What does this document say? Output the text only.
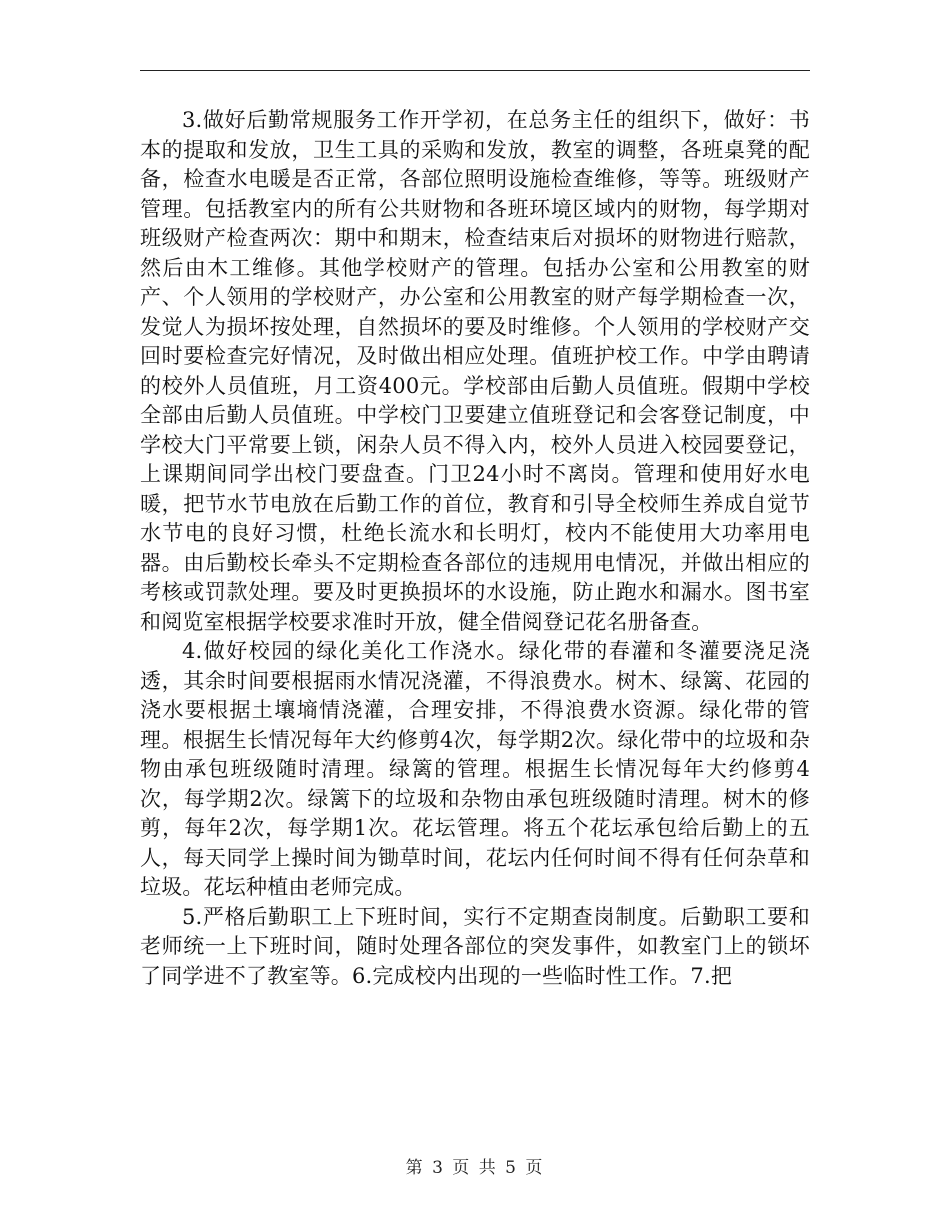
3.做好后勤常规服务工作开学初，在总务主任的组织下，做好：书本的提取和发放，卫生工具的采购和发放，教室的调整，各班桌凳的配备，检查水电暖是否正常，各部位照明设施检查维修，等等。班级财产管理。包括教室内的所有公共财物和各班环境区域内的财物，每学期对班级财产检查两次：期中和期末，检查结束后对损坏的财物进行赔款，然后由木工维修。其他学校财产的管理。包括办公室和公用教室的财产、个人领用的学校财产，办公室和公用教室的财产每学期检查一次，发觉人为损坏按处理，自然损坏的要及时维修。个人领用的学校财产交回时要检查完好情况，及时做出相应处理。值班护校工作。中学由聘请的校外人员值班，月工资400元。学校部由后勤人员值班。假期中学校全部由后勤人员值班。中学校门卫要建立值班登记和会客登记制度，中学校大门平常要上锁，闲杂人员不得入内，校外人员进入校园要登记，上课期间同学出校门要盘查。门卫24小时不离岗。管理和使用好水电暖，把节水节电放在后勤工作的首位，教育和引导全校师生养成自觉节水节电的良好习惯，杜绝长流水和长明灯，校内不能使用大功率用电器。由后勤校长牵头不定期检查各部位的违规用电情况，并做出相应的考核或罚款处理。要及时更换损坏的水设施，防止跑水和漏水。图书室和阅览室根据学校要求准时开放，健全借阅登记花名册备查。

4.做好校园的绿化美化工作浇水。绿化带的春灌和冬灌要浇足浇透，其余时间要根据雨水情况浇灌，不得浪费水。树木、绿篱、花园的浇水要根据土壤墒情浇灌，合理安排，不得浪费水资源。绿化带的管理。根据生长情况每年大约修剪4次，每学期2次。绿化带中的垃圾和杂物由承包班级随时清理。绿篱的管理。根据生长情况每年大约修剪4次，每学期2次。绿篱下的垃圾和杂物由承包班级随时清理。树木的修剪，每年2次，每学期1次。花坛管理。将五个花坛承包给后勤上的五人，每天同学上操时间为锄草时间，花坛内任何时间不得有任何杂草和垃圾。花坛种植由老师完成。

5.严格后勤职工上下班时间，实行不定期查岗制度。后勤职工要和老师统一上下班时间，随时处理各部位的突发事件，如教室门上的锁坏了同学进不了教室等。6.完成校内出现的一些临时性工作。7.把

第 3 页 共 5 页
